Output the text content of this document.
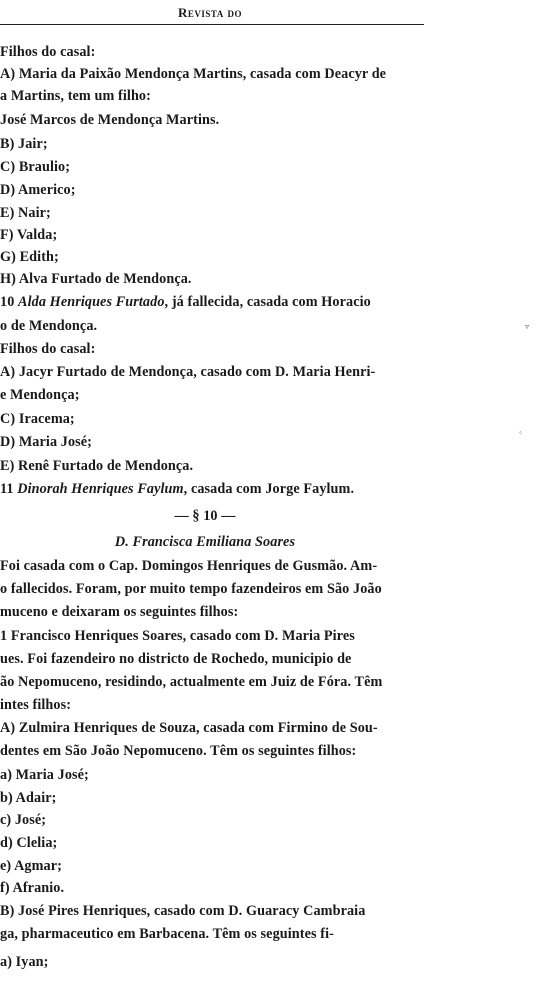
Revista do
Filhos do casal:
A) Maria da Paixão Mendonça Martins, casada com Deacyr de
a Martins, tem um filho:
José Marcos de Mendonça Martins.
B) Jair;
C) Braulio;
D) Americo;
E) Nair;
F) Valda;
G) Edith;
H) Alva Furtado de Mendonça.
10 Alda Henriques Furtado, já fallecida, casada com Horacio
o de Mendonça.
Filhos do casal:
A) Jacyr Furtado de Mendonça, casado com D. Maria Henri-
e Mendonça;
C) Iracema;
D) Maria José;
E) Renê Furtado de Mendonça.
11 Dinorah Henriques Faylum, casada com Jorge Faylum.
— § 10 —
D. Francisca Emiliana Soares
Foi casada com o Cap. Domingos Henriques de Gusmão. Am-
o fallecidos. Foram, por muito tempo fazendeiros em São João
muceno e deixaram os seguintes filhos:
1 Francisco Henriques Soares, casado com D. Maria Pires
ues. Foi fazendeiro no districto de Rochedo, municipio de
ão Nepomuceno, residindo, actualmente em Juiz de Fóra. Têm
intes filhos:
A) Zulmira Henriques de Souza, casada com Firmino de Sou-
dentes em São João Nepomuceno. Têm os seguintes filhos:
a) Maria José;
b) Adair;
c) José;
d) Clelia;
e) Agmar;
f) Afranio.
B) José Pires Henriques, casado com D. Guaracy Cambraia
ga, pharmaceutico em Barbacena. Têm os seguintes fi-
a) Iyan;
▿
◦
